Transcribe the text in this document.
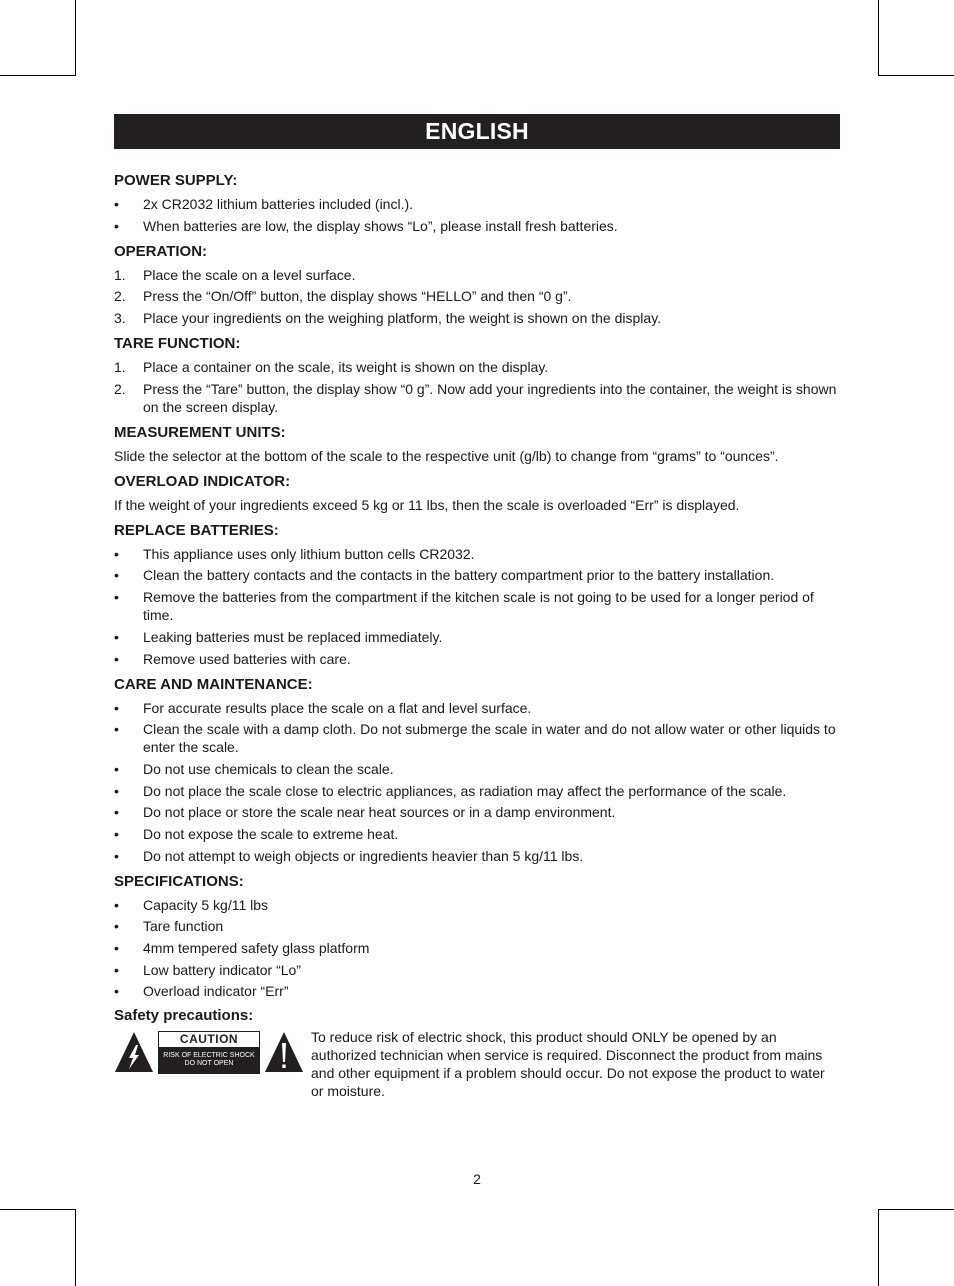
ENGLISH
POWER SUPPLY:
• 2x CR2032 lithium batteries included (incl.).
• When batteries are low, the display shows “Lo”, please install fresh batteries.
OPERATION:
1. Place the scale on a level surface.
2. Press the “On/Off” button, the display shows “HELLO” and then “0 g”.
3. Place your ingredients on the weighing platform, the weight is shown on the display.
TARE FUNCTION:
1. Place a container on the scale, its weight is shown on the display.
2. Press the “Tare” button, the display show “0 g”. Now add your ingredients into the container, the weight is shown on the screen display.
MEASUREMENT UNITS:
Slide the selector at the bottom of the scale to the respective unit (g/lb) to change from “grams” to “ounces”.
OVERLOAD INDICATOR:
If the weight of your ingredients exceed 5 kg or 11 lbs, then the scale is overloaded “Err” is displayed.
REPLACE BATTERIES:
• This appliance uses only lithium button cells CR2032.
• Clean the battery contacts and the contacts in the battery compartment prior to the battery installation.
• Remove the batteries from the compartment if the kitchen scale is not going to be used for a longer period of time.
• Leaking batteries must be replaced immediately.
• Remove used batteries with care.
CARE AND MAINTENANCE:
• For accurate results place the scale on a flat and level surface.
• Clean the scale with a damp cloth. Do not submerge the scale in water and do not allow water or other liquids to enter the scale.
• Do not use chemicals to clean the scale.
• Do not place the scale close to electric appliances, as radiation may affect the performance of the scale.
• Do not place or store the scale near heat sources or in a damp environment.
• Do not expose the scale to extreme heat.
• Do not attempt to weigh objects or ingredients heavier than 5 kg/11 lbs.
SPECIFICATIONS:
• Capacity 5 kg/11 lbs
• Tare function
• 4mm tempered safety glass platform
• Low battery indicator “Lo”
• Overload indicator “Err”
Safety precautions:
CAUTION
RISK OF ELECTRIC SHOCK
DO NOT OPEN
To reduce risk of electric shock, this product should ONLY be opened by an authorized technician when service is required. Disconnect the product from mains and other equipment if a problem should occur. Do not expose the product to water or moisture.
2
